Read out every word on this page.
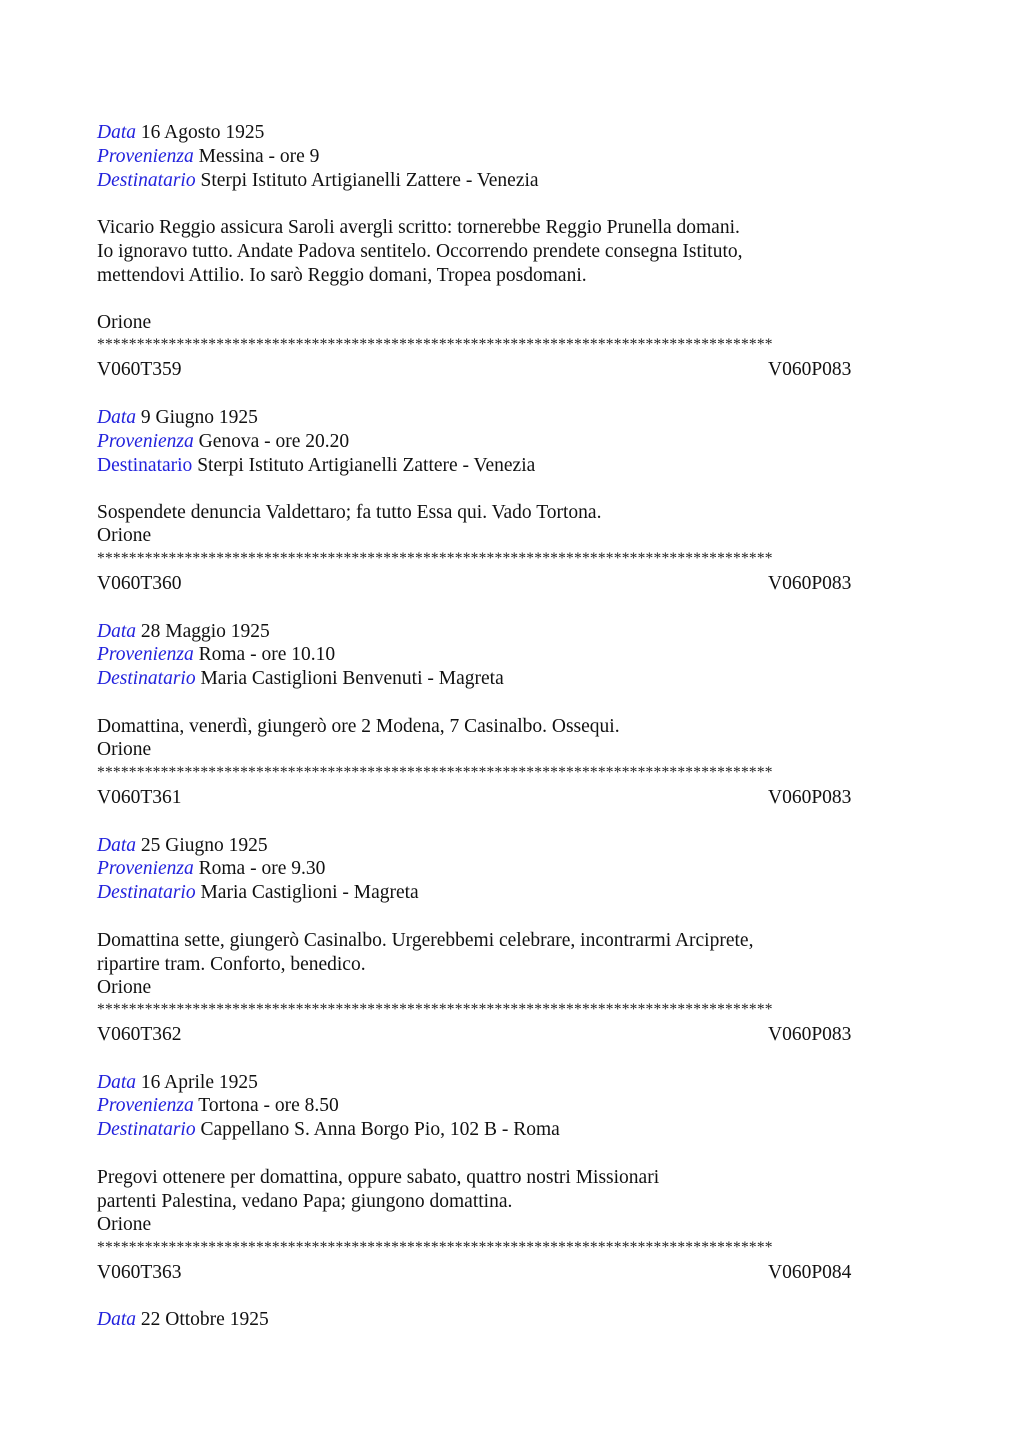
Data 16 Agosto 1925
Provenienza Messina - ore 9
Destinatario Sterpi Istituto Artigianelli Zattere - Venezia
Vicario Reggio assicura Saroli avergli scritto: tornerebbe Reggio Prunella domani.
Io ignoravo tutto. Andate Padova sentitelo. Occorrendo prendete consegna Istituto,
mettendovi Attilio. Io sarò Reggio domani, Tropea posdomani.
Orione
*************************************************************************************
V060T359	V060P083
Data 9 Giugno 1925
Provenienza Genova - ore 20.20
Destinatario Sterpi Istituto Artigianelli Zattere - Venezia
Sospendete denuncia Valdettaro; fa tutto Essa qui. Vado Tortona.
Orione
*************************************************************************************
V060T360	V060P083
Data 28 Maggio 1925
Provenienza Roma - ore 10.10
Destinatario Maria Castiglioni Benvenuti - Magreta
Domattina, venerdì, giungerò ore 2 Modena, 7 Casinalbo. Ossequi.
Orione
*************************************************************************************
V060T361	V060P083
Data 25 Giugno 1925
Provenienza Roma - ore 9.30
Destinatario Maria Castiglioni - Magreta
Domattina sette, giungerò Casinalbo. Urgerebbemi celebrare, incontrarmi Arciprete,
ripartire tram. Conforto, benedico.
Orione
*************************************************************************************
V060T362	V060P083
Data 16 Aprile 1925
Provenienza Tortona - ore 8.50
Destinatario Cappellano S. Anna Borgo Pio, 102 B - Roma
Pregovi ottenere per domattina, oppure sabato, quattro nostri Missionari
partenti Palestina, vedano Papa; giungono domattina.
Orione
*************************************************************************************
V060T363	V060P084
Data 22 Ottobre 1925
